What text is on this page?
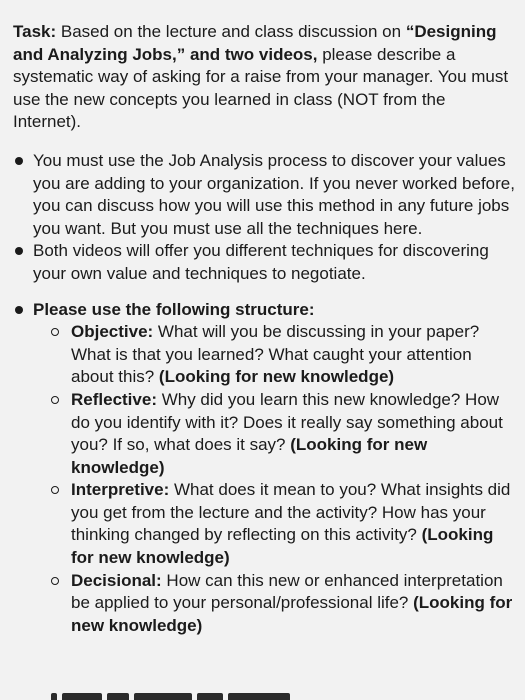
Task: Based on the lecture and class discussion on “Designing and Analyzing Jobs,” and two videos, please describe a systematic way of asking for a raise from your manager. You must use the new concepts you learned in class (NOT from the Internet).

You must use the Job Analysis process to discover your values you are adding to your organization. If you never worked before, you can discuss how you will use this method in any future jobs you want. But you must use all the techniques here.
Both videos will offer you different techniques for discovering your own value and techniques to negotiate.
Please use the following structure:
Objective: What will you be discussing in your paper? What is that you learned? What caught your attention about this? (Looking for new knowledge)
Reflective: Why did you learn this new knowledge? How do you identify with it? Does it really say something about you? If so, what does it say? (Looking for new knowledge)
Interpretive: What does it mean to you? What insights did you get from the lecture and the activity? How has your thinking changed by reflecting on this activity? (Looking for new knowledge)
Decisional: How can this new or enhanced interpretation be applied to your personal/professional life? (Looking for new knowledge)
